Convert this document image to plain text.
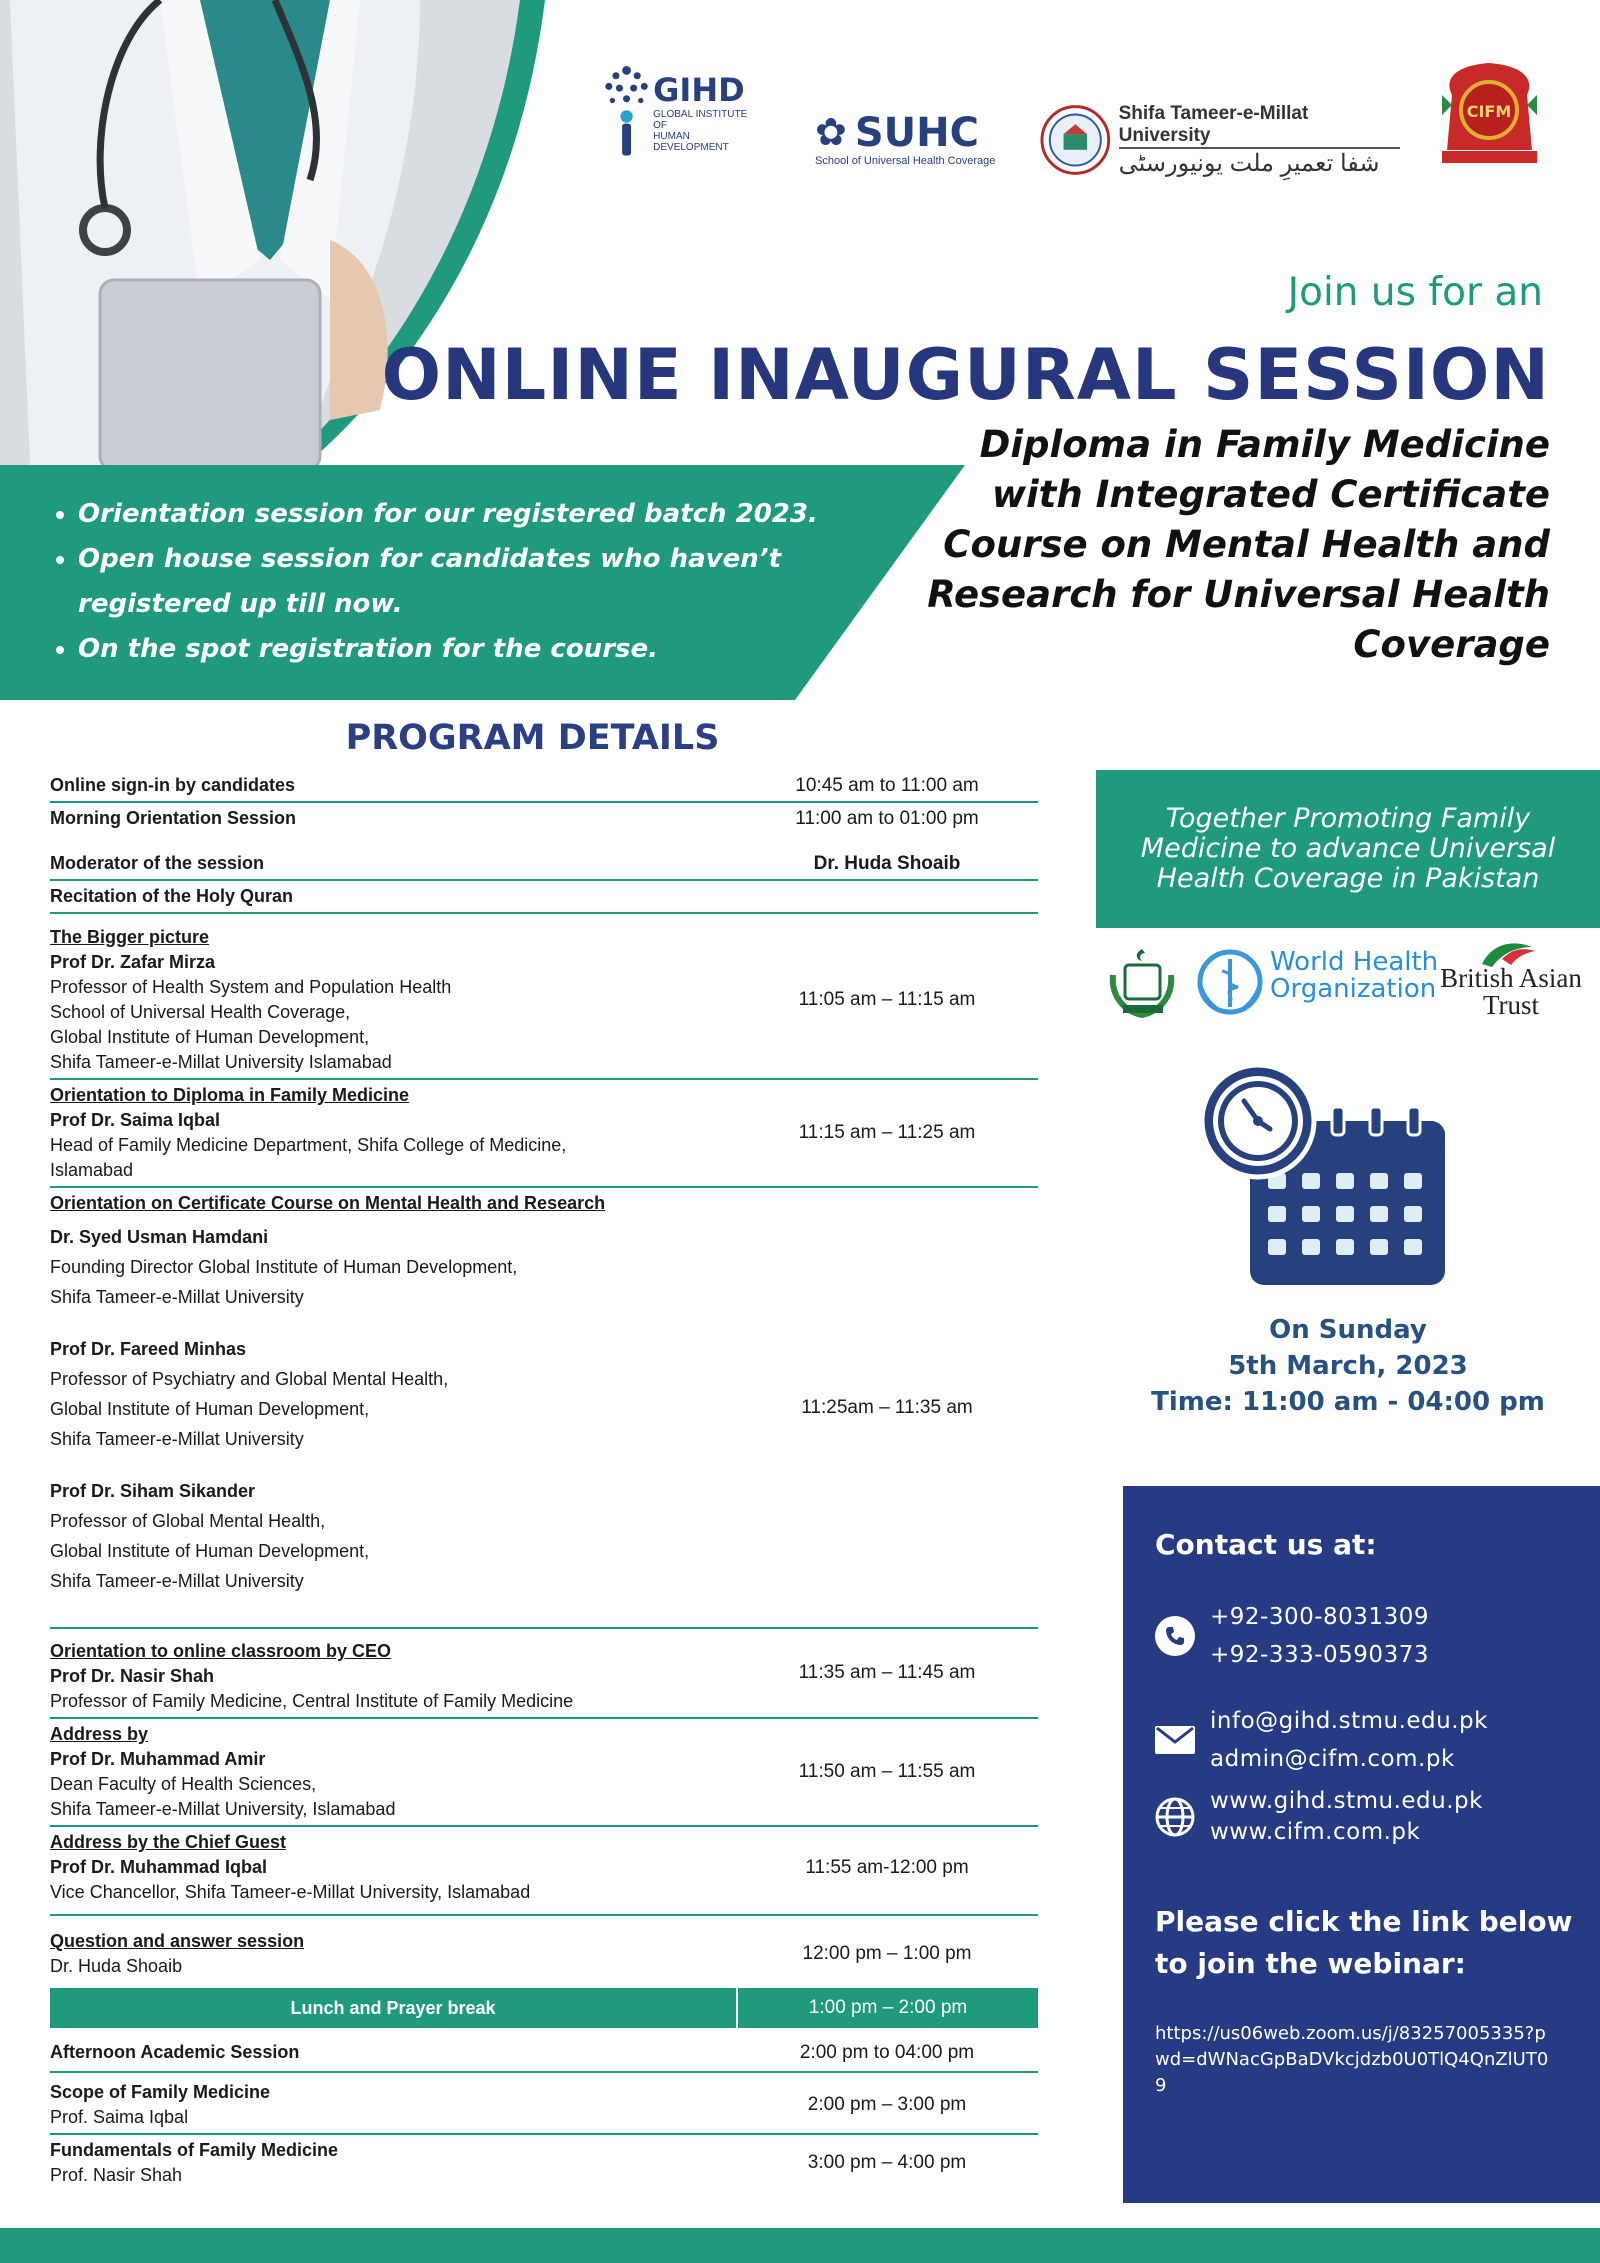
GIHD
GLOBAL INSTITUTE OF
HUMAN DEVELOPMENT	✿ SUHC
School of Universal Health Coverage
Shifa Tameer-e-Millat University
شفا تعمیرِ ملت یونیورسٹی
CIFM
Join us for an
ONLINE INAUGURAL SESSION
Diploma in Family Medicine with Integrated Certificate Course on Mental Health and Research for Universal Health Coverage
• Orientation session for our registered batch 2023.
• Open house session for candidates who haven’t registered up till now.
• On the spot registration for the course.
PROGRAM DETAILS
Online sign-in by candidates	10:45 am to 11:00 am
Morning Orientation Session	11:00 am to 01:00 pm
Moderator of the session	Dr. Huda Shoaib
Recitation of the Holy Quran
The Bigger picture
Prof Dr. Zafar Mirza
Professor of Health System and Population Health
School of Universal Health Coverage,
Global Institute of Human Development,
Shifa Tameer-e-Millat University Islamabad
11:05 am – 11:15 am
Orientation to Diploma in Family Medicine
Prof Dr. Saima Iqbal
Head of Family Medicine Department, Shifa College of Medicine,
Islamabad
11:15 am – 11:25 am
Orientation on Certificate Course on Mental Health and Research
Dr. Syed Usman Hamdani
Founding Director Global Institute of Human Development,
Shifa Tameer-e-Millat University
Prof Dr. Fareed Minhas
Professor of Psychiatry and Global Mental Health,
Global Institute of Human Development,
Shifa Tameer-e-Millat University
Prof Dr. Siham Sikander
Professor of Global Mental Health,
Global Institute of Human Development,
Shifa Tameer-e-Millat University
11:25am – 11:35 am
Orientation to online classroom by CEO
Prof Dr. Nasir Shah
Professor of Family Medicine, Central Institute of Family Medicine
11:35 am – 11:45 am
Address by
Prof Dr. Muhammad Amir
Dean Faculty of Health Sciences,
Shifa Tameer-e-Millat University, Islamabad
11:50 am – 11:55 am
Address by the Chief Guest
Prof Dr. Muhammad Iqbal
Vice Chancellor, Shifa Tameer-e-Millat University, Islamabad
11:55 am-12:00 pm
Question and answer session
Dr. Huda Shoaib
12:00 pm – 1:00 pm
Lunch and Prayer break	1:00 pm – 2:00 pm
Afternoon Academic Session	2:00 pm to 04:00 pm
Scope of Family Medicine
Prof. Saima Iqbal
2:00 pm – 3:00 pm
Fundamentals of Family Medicine
Prof. Nasir Shah
3:00 pm – 4:00 pm
Together Promoting Family Medicine to advance Universal Health Coverage in Pakistan
World Health
Organization British Asian
Trust
On Sunday
5th March, 2023
Time: 11:00 am - 04:00 pm
Contact us at:
+92-300-8031309
+92-333-0590373
info@gihd.stmu.edu.pk
admin@cifm.com.pk
www.gihd.stmu.edu.pk
www.cifm.com.pk
Please click the link below to join the webinar:
https://us06web.zoom.us/j/83257005335?pwd=dWNacGpBaDVkcjdzb0U0TlQ4QnZlUT09
